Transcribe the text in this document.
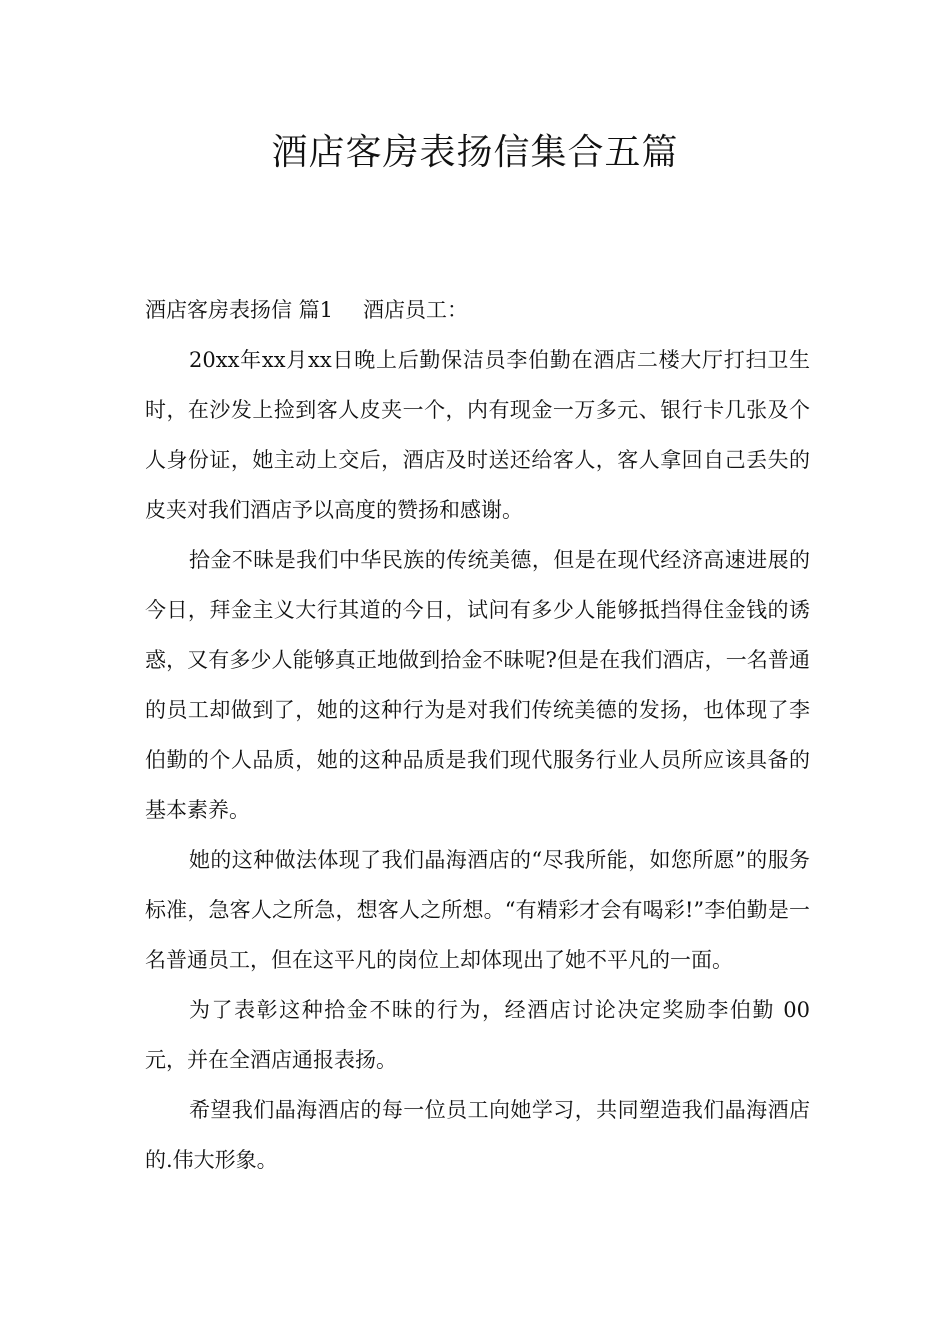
酒店客房表扬信集合五篇

酒店客房表扬信 篇1 酒店员工：

20xx年xx月xx日晚上后勤保洁员李伯勤在酒店二楼大厅打扫卫生时，在沙发上捡到客人皮夹一个，内有现金一万多元、银行卡几张及个人身份证，她主动上交后，酒店及时送还给客人，客人拿回自己丢失的皮夹对我们酒店予以高度的赞扬和感谢。

拾金不昧是我们中华民族的传统美德，但是在现代经济高速进展的今日，拜金主义大行其道的今日，试问有多少人能够抵挡得住金钱的诱惑，又有多少人能够真正地做到拾金不昧呢?但是在我们酒店，一名普通的员工却做到了，她的这种行为是对我们传统美德的发扬，也体现了李伯勤的个人品质，她的这种品质是我们现代服务行业人员所应该具备的基本素养。

她的这种做法体现了我们晶海酒店的“尽我所能，如您所愿”的服务标准，急客人之所急，想客人之所想。“有精彩才会有喝彩!”李伯勤是一名普通员工，但在这平凡的岗位上却体现出了她不平凡的一面。

为了表彰这种拾金不昧的行为，经酒店讨论决定奖励李伯勤 00元，并在全酒店通报表扬。

希望我们晶海酒店的每一位员工向她学习，共同塑造我们晶海酒店的.伟大形象。
